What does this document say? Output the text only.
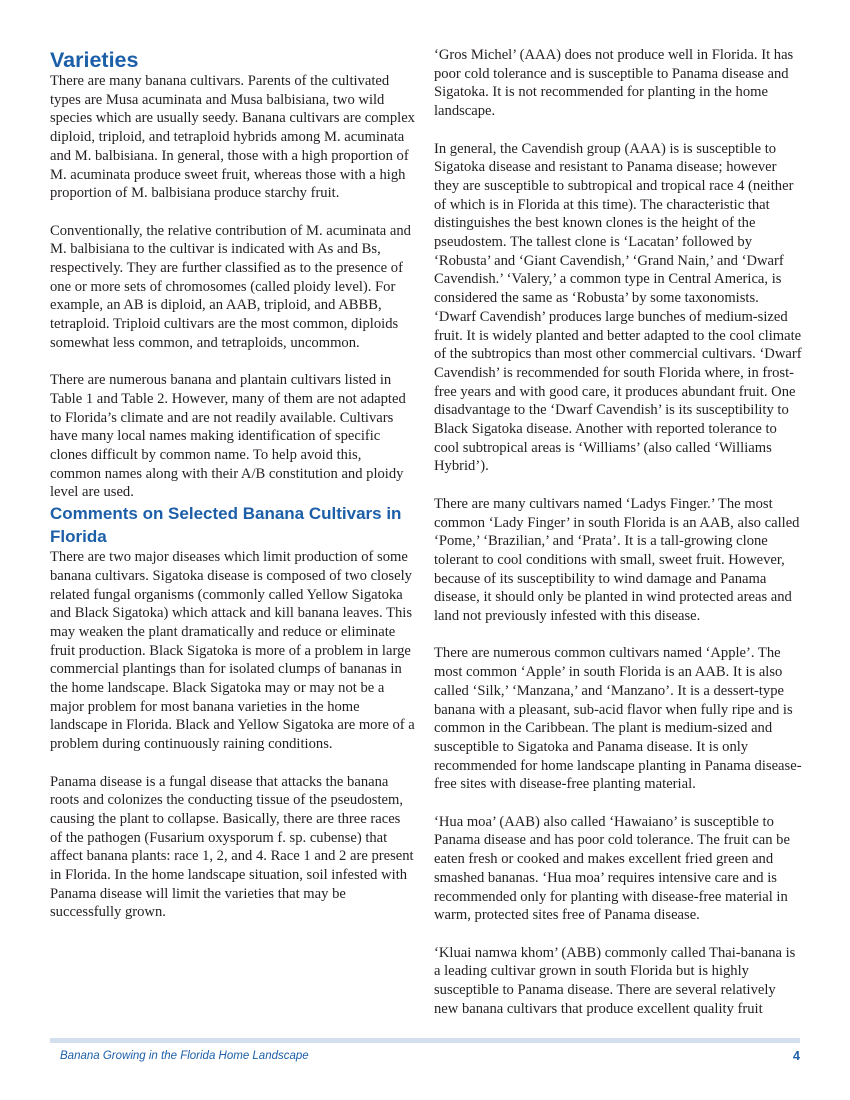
Varieties

There are many banana cultivars. Parents of the cultivated types are Musa acuminata and Musa balbisiana, two wild species which are usually seedy. Banana cultivars are complex diploid, triploid, and tetraploid hybrids among M. acuminata and M. balbisiana. In general, those with a high proportion of M. acuminata produce sweet fruit, whereas those with a high proportion of M. balbisiana produce starchy fruit.

Conventionally, the relative contribution of M. acuminata and M. balbisiana to the cultivar is indicated with As and Bs, respectively. They are further classified as to the presence of one or more sets of chromosomes (called ploidy level). For example, an AB is diploid, an AAB, triploid, and ABBB, tetraploid. Triploid cultivars are the most common, diploids somewhat less common, and tetraploids, uncommon.

There are numerous banana and plantain cultivars listed in Table 1 and Table 2. However, many of them are not adapted to Florida’s climate and are not readily available. Cultivars have many local names making identification of specific clones difficult by common name. To help avoid this, common names along with their A/B constitution and ploidy level are used.

Comments on Selected Banana Cultivars in Florida

There are two major diseases which limit production of some banana cultivars. Sigatoka disease is composed of two closely related fungal organisms (commonly called Yellow Sigatoka and Black Sigatoka) which attack and kill banana leaves. This may weaken the plant dramatically and reduce or eliminate fruit production. Black Sigatoka is more of a problem in large commercial plantings than for isolated clumps of bananas in the home landscape. Black Sigatoka may or may not be a major problem for most banana varieties in the home landscape in Florida. Black and Yellow Sigatoka are more of a problem during continuously raining conditions.

Panama disease is a fungal disease that attacks the banana roots and colonizes the conducting tissue of the pseudostem, causing the plant to collapse. Basically, there are three races of the pathogen (Fusarium oxysporum f. sp. cubense) that affect banana plants: race 1, 2, and 4. Race 1 and 2 are present in Florida. In the home landscape situation, soil infested with Panama disease will limit the varieties that may be successfully grown.

‘Gros Michel’ (AAA) does not produce well in Florida. It has poor cold tolerance and is susceptible to Panama disease and Sigatoka. It is not recommended for planting in the home landscape.

In general, the Cavendish group (AAA) is is susceptible to Sigatoka disease and resistant to Panama disease; however they are susceptible to subtropical and tropical race 4 (neither of which is in Florida at this time). The characteristic that distinguishes the best known clones is the height of the pseudostem. The tallest clone is ‘Lacatan’ followed by ‘Robusta’ and ‘Giant Cavendish,’ ‘Grand Nain,’ and ‘Dwarf Cavendish.’ ‘Valery,’ a common type in Central America, is considered the same as ‘Robusta’ by some taxonomists. ‘Dwarf Cavendish’ produces large bunches of medium-sized fruit. It is widely planted and better adapted to the cool climate of the subtropics than most other commercial cultivars. ‘Dwarf Cavendish’ is recommended for south Florida where, in frost-free years and with good care, it produces abundant fruit. One disadvantage to the ‘Dwarf Cavendish’ is its susceptibility to Black Sigatoka disease. Another with reported tolerance to cool subtropical areas is ‘Williams’ (also called ‘Williams Hybrid’).

There are many cultivars named ‘Ladys Finger.’ The most common ‘Lady Finger’ in south Florida is an AAB, also called ‘Pome,’ ‘Brazilian,’ and ‘Prata’. It is a tall-growing clone tolerant to cool conditions with small, sweet fruit. However, because of its susceptibility to wind damage and Panama disease, it should only be planted in wind protected areas and land not previously infested with this disease.

There are numerous common cultivars named ‘Apple’. The most common ‘Apple’ in south Florida is an AAB. It is also called ‘Silk,’ ‘Manzana,’ and ‘Manzano’. It is a dessert-type banana with a pleasant, sub-acid flavor when fully ripe and is common in the Caribbean. The plant is medium-sized and susceptible to Sigatoka and Panama disease. It is only recommended for home landscape planting in Panama disease-free sites with disease-free planting material.

‘Hua moa’ (AAB) also called ‘Hawaiano’ is susceptible to Panama disease and has poor cold tolerance. The fruit can be eaten fresh or cooked and makes excellent fried green and smashed bananas. ‘Hua moa’ requires intensive care and is recommended only for planting with disease-free material in warm, protected sites free of Panama disease.

‘Kluai namwa khom’ (ABB) commonly called Thai-banana is a leading cultivar grown in south Florida but is highly susceptible to Panama disease. There are several relatively new banana cultivars that produce excellent quality fruit

Banana Growing in the Florida Home Landscape	4
